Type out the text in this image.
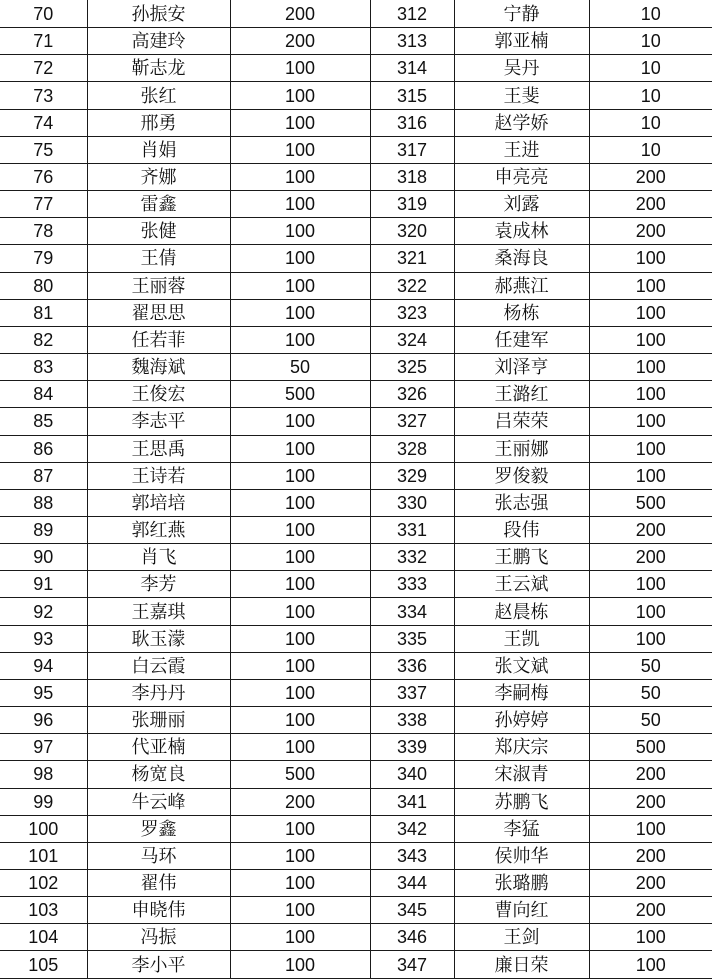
70	孙振安	200	312	宁静	10
71	高建玲	200	313	郭亚楠	10
72	靳志龙	100	314	吴丹	10
73	张红	100	315	王斐	10
74	邢勇	100	316	赵学娇	10
75	肖娟	100	317	王进	10
76	齐娜	100	318	申亮亮	200
77	雷鑫	100	319	刘露	200
78	张健	100	320	袁成林	200
79	王倩	100	321	桑海良	100
80	王丽蓉	100	322	郝燕江	100
81	翟思思	100	323	杨栋	100
82	任若菲	100	324	任建军	100
83	魏海斌	50	325	刘泽亨	100
84	王俊宏	500	326	王潞红	100
85	李志平	100	327	吕荣荣	100
86	王思禹	100	328	王丽娜	100
87	王诗若	100	329	罗俊毅	100
88	郭培培	100	330	张志强	500
89	郭红燕	100	331	段伟	200
90	肖飞	100	332	王鹏飞	200
91	李芳	100	333	王云斌	100
92	王嘉琪	100	334	赵晨栋	100
93	耿玉濛	100	335	王凯	100
94	白云霞	100	336	张文斌	50
95	李丹丹	100	337	李嗣梅	50
96	张珊丽	100	338	孙婷婷	50
97	代亚楠	100	339	郑庆宗	500
98	杨宽良	500	340	宋淑青	200
99	牛云峰	200	341	苏鹏飞	200
100	罗鑫	100	342	李猛	100
101	马环	100	343	侯帅华	200
102	翟伟	100	344	张璐鹏	200
103	申晓伟	100	345	曹向红	200
104	冯振	100	346	王剑	100
105	李小平	100	347	廉日荣	100
